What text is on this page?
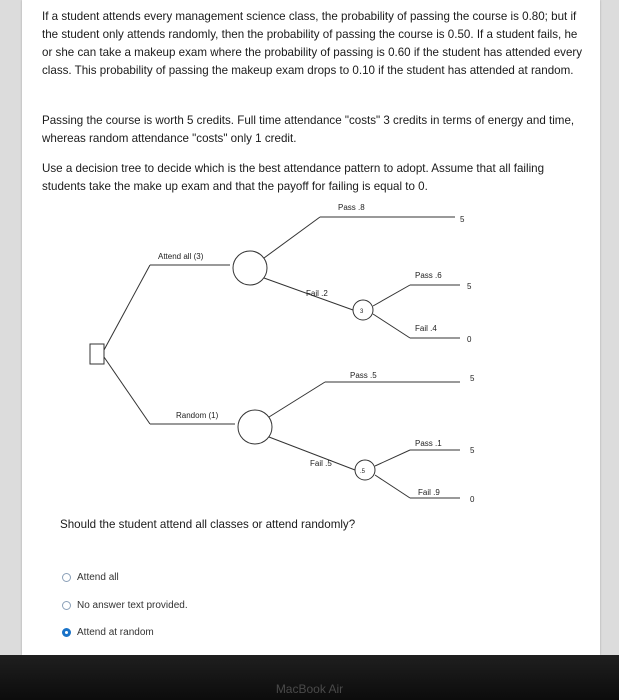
If a student attends every management science class, the probability of passing the course is 0.80; but if the student only attends randomly, then the probability of passing the course is 0.50. If a student fails, he or she can take a makeup exam where the probability of passing is 0.60 if the student has attended every class. This probability of passing the makeup exam drops to 0.10 if the student has attended at random.
Passing the course is worth 5 credits. Full time attendance "costs" 3 credits in terms of energy and time, whereas random attendance "costs" only 1 credit.
Use a decision tree to decide which is the best attendance pattern to adopt. Assume that all failing students take the make up exam and that the payoff for failing is equal to 0.
Attend all (3)
Random (1)
Pass .8
Fail .2
Pass .6
Fail .4
Pass .5
Fail .5
Pass .1
Fail .9
3
.5
5
5
0
5
5
0
Should the student attend all classes or attend randomly?
Attend all
No answer text provided.
Attend at random
MacBook Air
